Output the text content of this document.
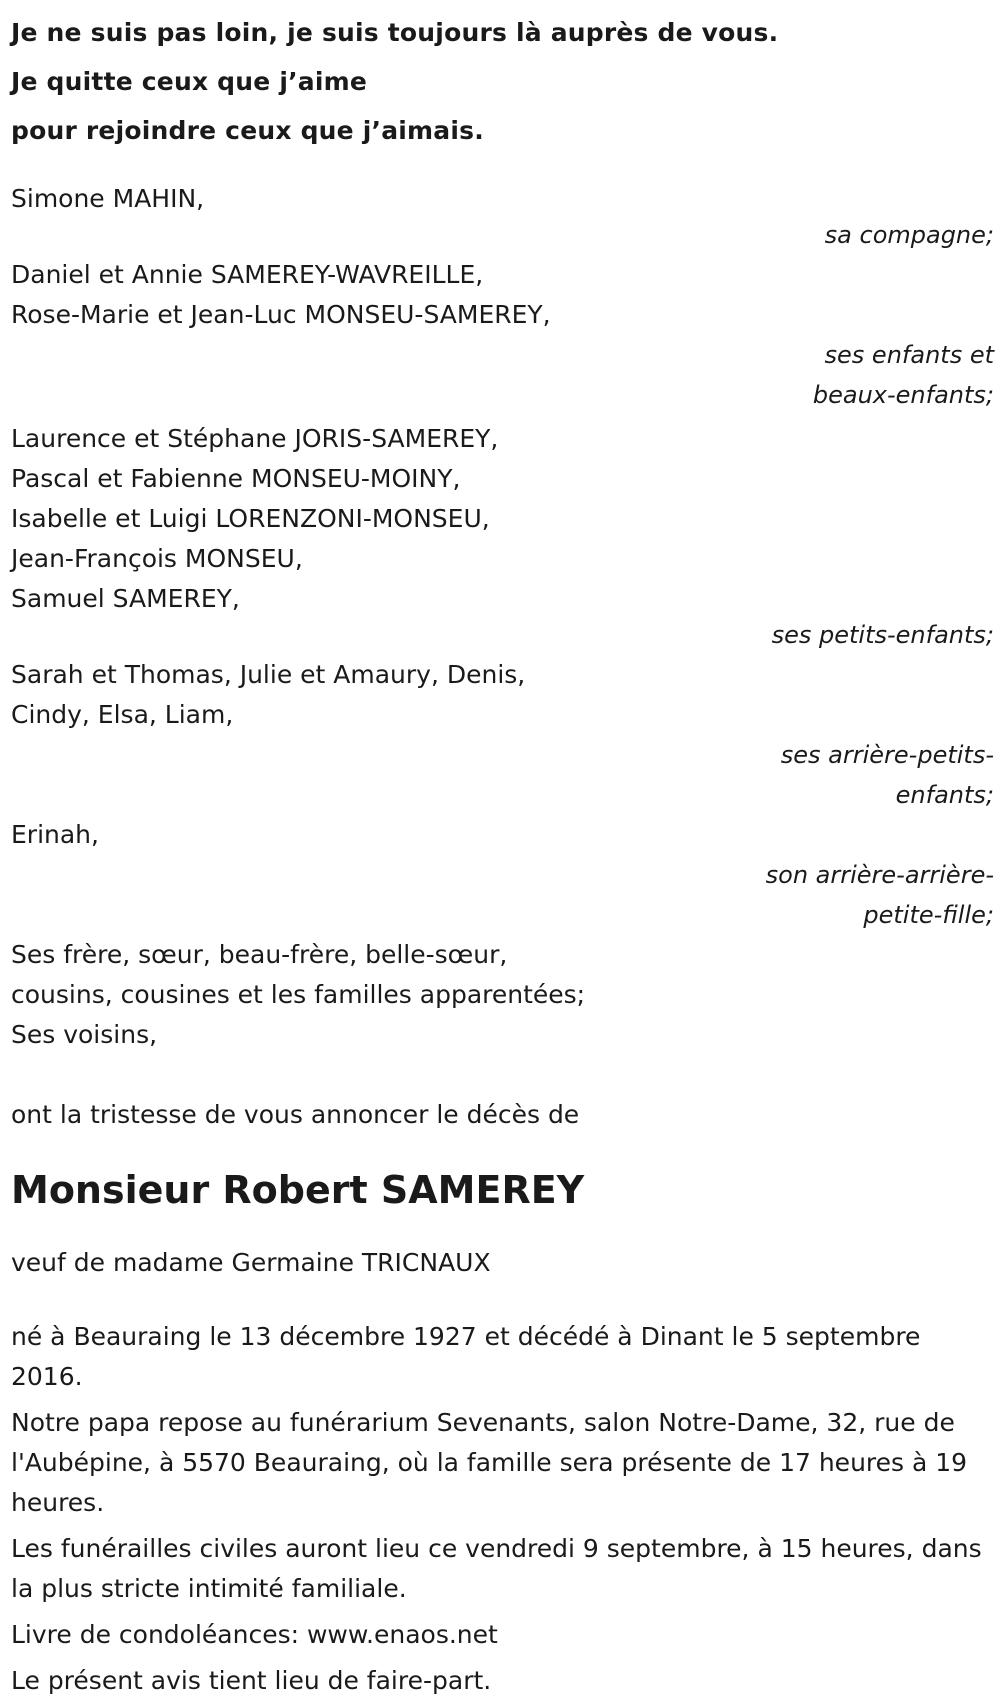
Je ne suis pas loin, je suis toujours là auprès de vous.
Je quitte ceux que j’aime
pour rejoindre ceux que j’aimais.
Simone MAHIN,
sa compagne;
Daniel et Annie SAMEREY-WAVREILLE,
Rose-Marie et Jean-Luc MONSEU-SAMEREY,
ses enfants et
beaux-enfants;
Laurence et Stéphane JORIS-SAMEREY,
Pascal et Fabienne MONSEU-MOINY,
Isabelle et Luigi LORENZONI-MONSEU,
Jean-François MONSEU,
Samuel SAMEREY,
ses petits-enfants;
Sarah et Thomas, Julie et Amaury, Denis,
Cindy, Elsa, Liam,
ses arrière-petits-
enfants;
Erinah,
son arrière-arrière-
petite-fille;
Ses frère, sœur, beau-frère, belle-sœur,
cousins, cousines et les familles apparentées;
Ses voisins,
ont la tristesse de vous annoncer le décès de
Monsieur Robert SAMEREY
veuf de madame Germaine TRICNAUX
né à Beauraing le 13 décembre 1927 et décédé à Dinant le 5 septembre 2016.
Notre papa repose au funérarium Sevenants, salon Notre-Dame, 32, rue de l'Aubépine, à 5570 Beauraing, où la famille sera présente de 17 heures à 19 heures.
Les funérailles civiles auront lieu ce vendredi 9 septembre, à 15 heures, dans la plus stricte intimité familiale.
Livre de condoléances: www.enaos.net
Le présent avis tient lieu de faire-part.
